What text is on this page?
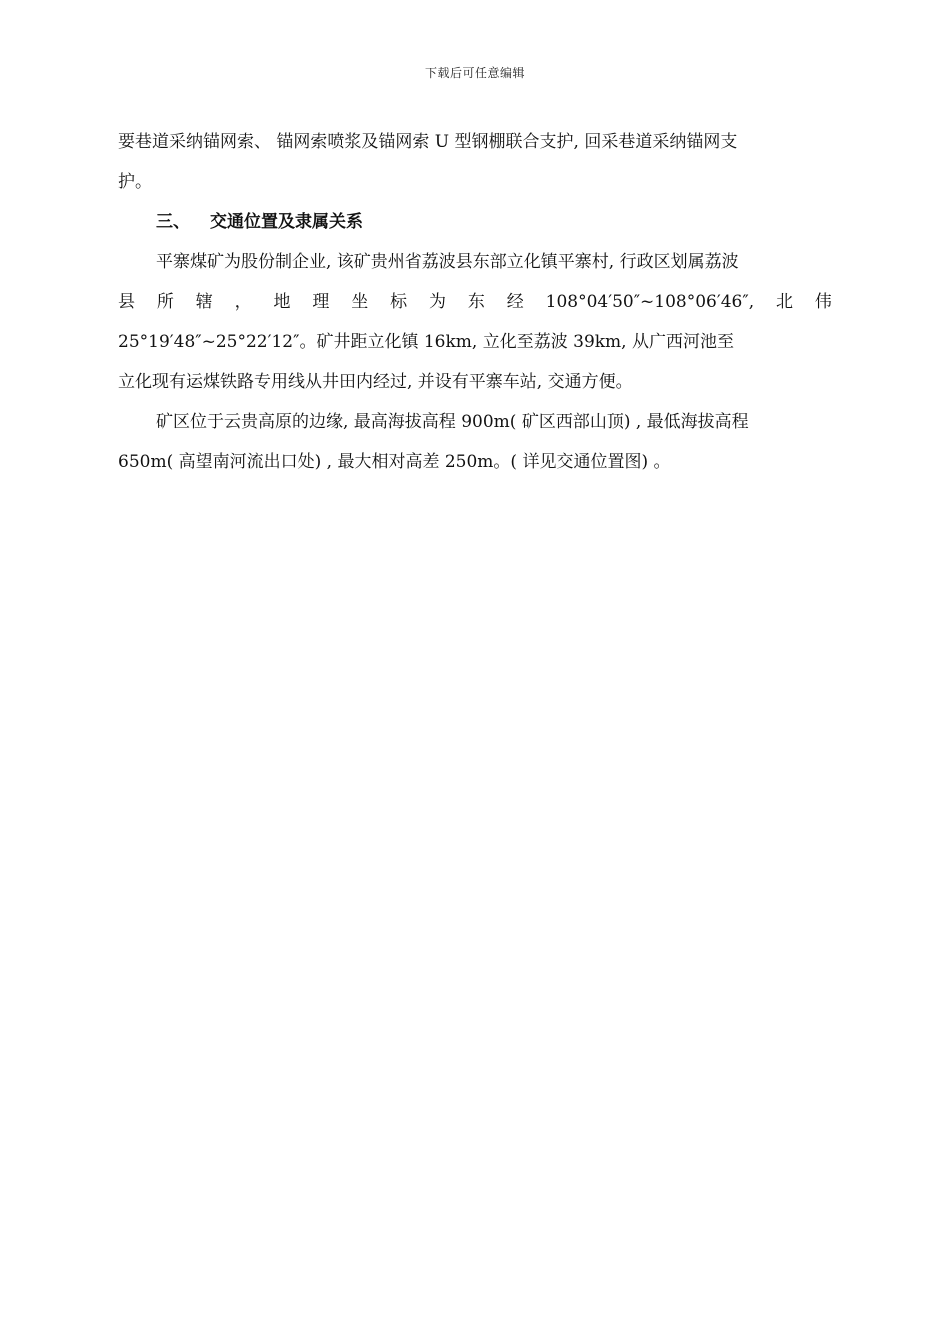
下载后可任意编辑

要巷道采纳锚网索、 锚网索喷浆及锚网索 U 型钢棚联合支护, 回采巷道采纳锚网支
护。

三、 交通位置及隶属关系

平寨煤矿为股份制企业, 该矿贵州省荔波县东部立化镇平寨村, 行政区划属荔波
县 所 辖 ， 地 理 坐 标 为 东 经 108°04′50″~108°06′46″, 北 伟
25°19′48″~25°22′12″。矿井距立化镇 16km, 立化至荔波 39km, 从广西河池至
立化现有运煤铁路专用线从井田内经过, 并设有平寨车站, 交通方便。

矿区位于云贵高原的边缘, 最高海拔高程 900m( 矿区西部山顶) , 最低海拔高程
650m( 高望南河流出口处) , 最大相对高差 250m。( 详见交通位置图) 。
